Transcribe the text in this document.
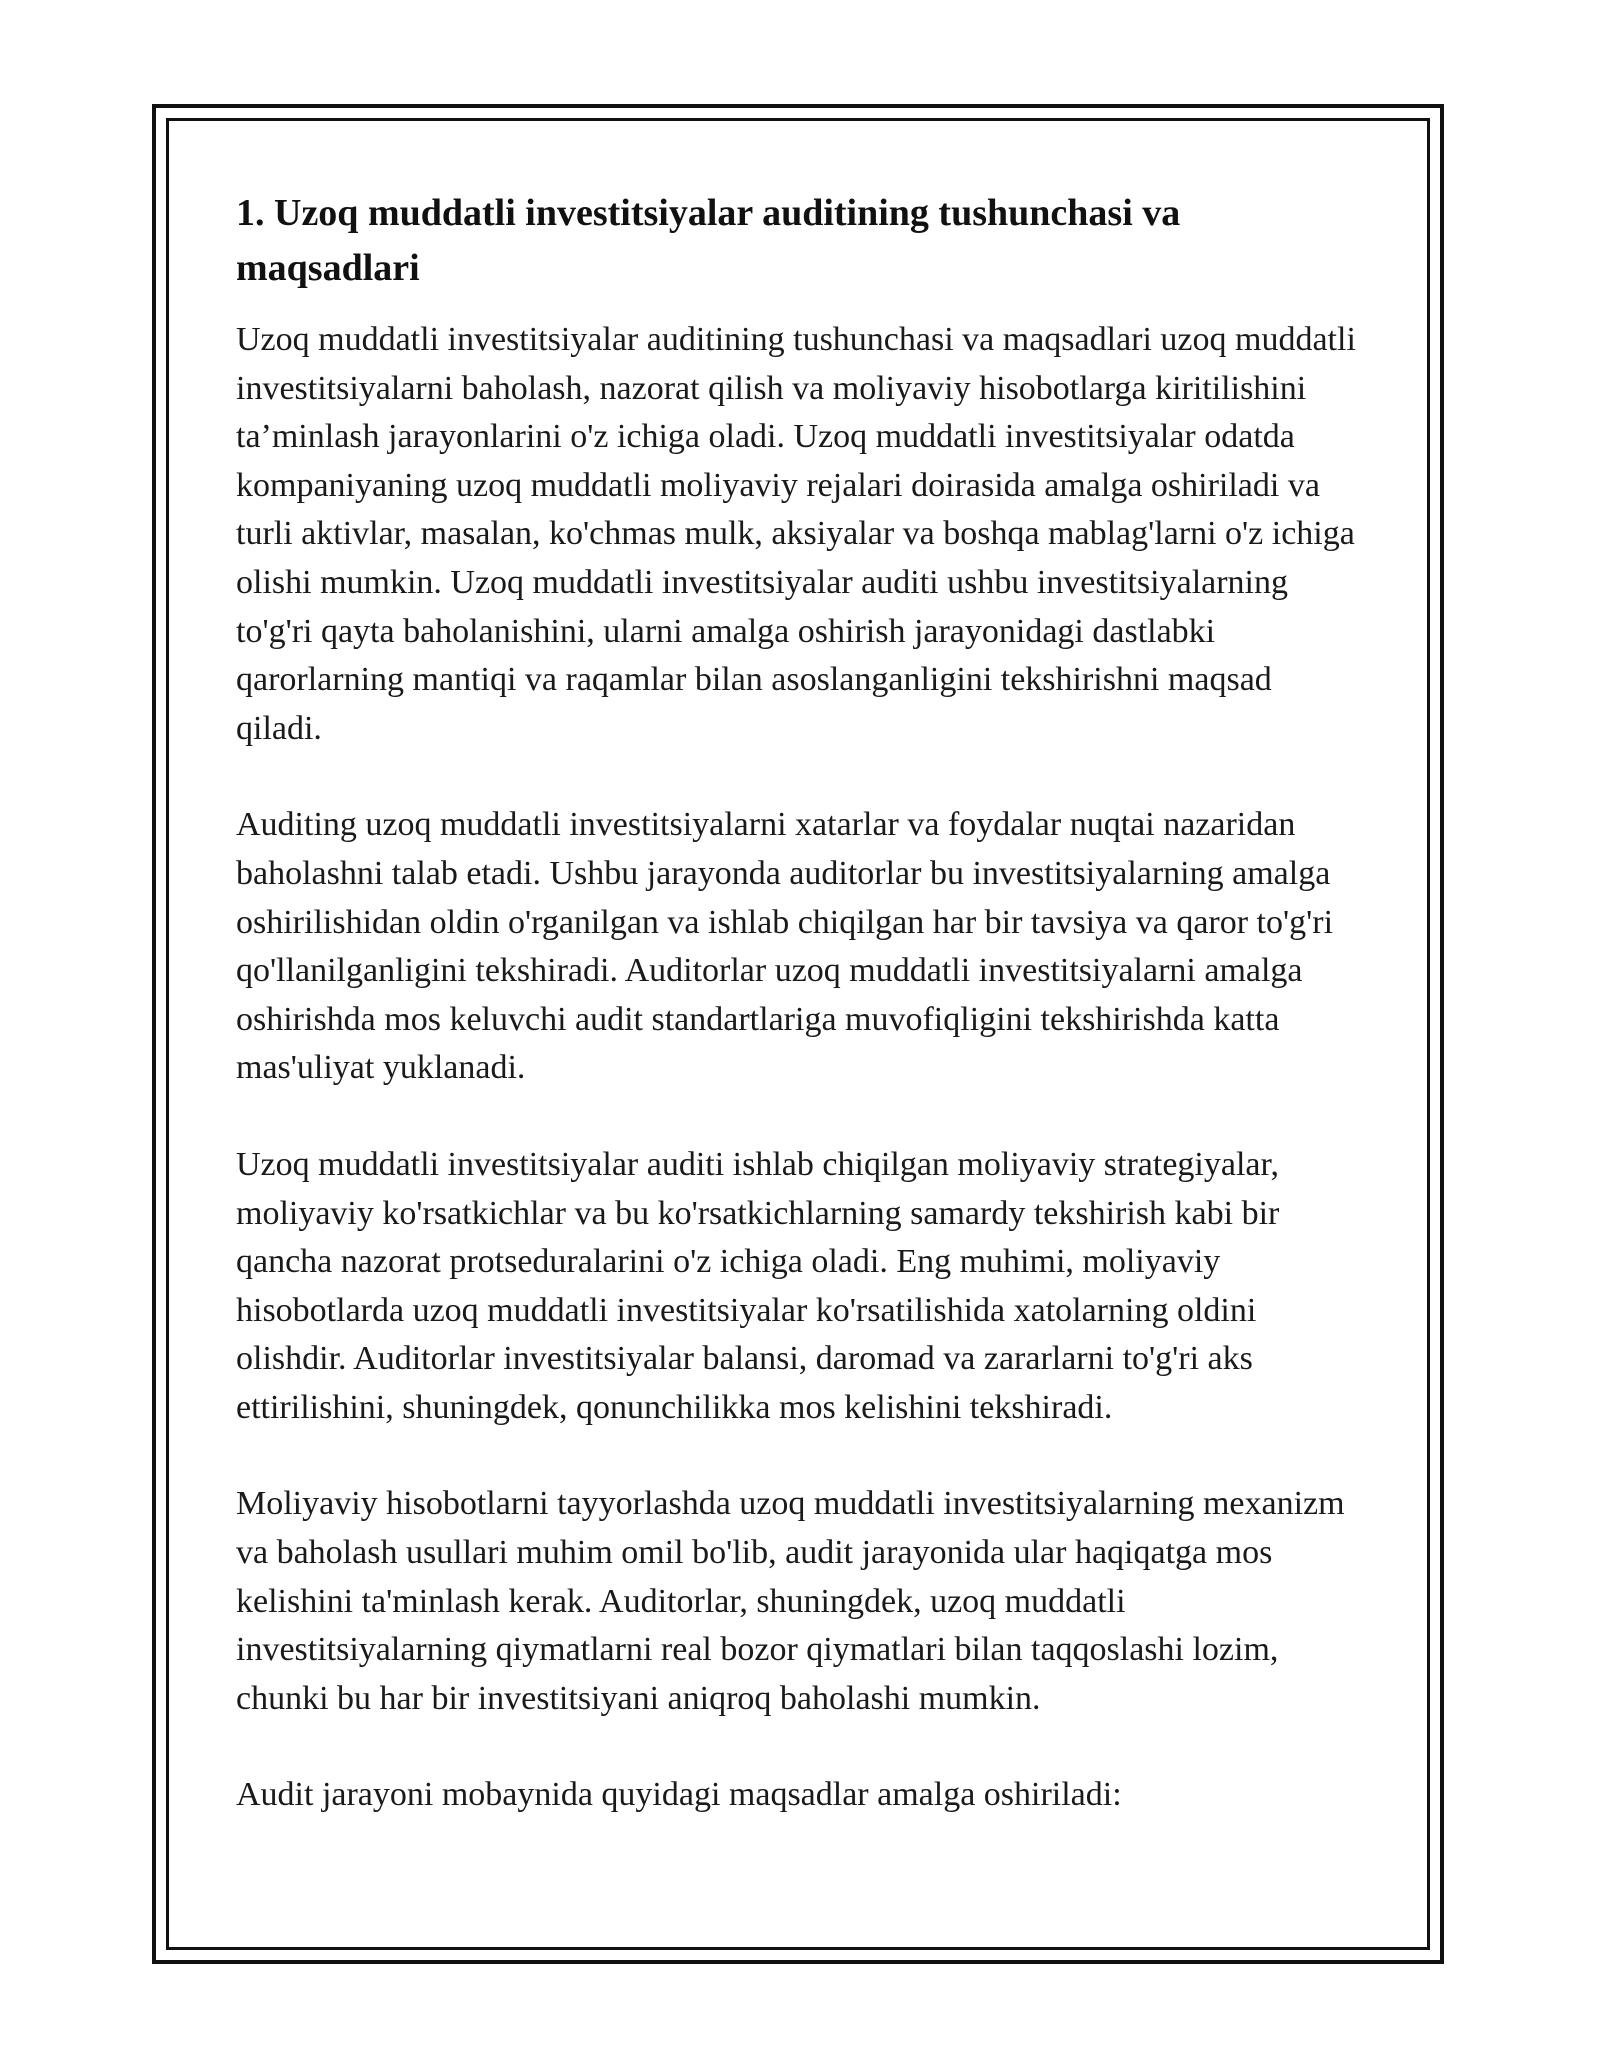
1. Uzoq muddatli investitsiyalar auditining tushunchasi va maqsadlari

Uzoq muddatli investitsiyalar auditining tushunchasi va maqsadlari uzoq muddatli investitsiyalarni baholash, nazorat qilish va moliyaviy hisobotlarga kiritilishini ta’minlash jarayonlarini o'z ichiga oladi. Uzoq muddatli investitsiyalar odatda kompaniyaning uzoq muddatli moliyaviy rejalari doirasida amalga oshiriladi va turli aktivlar, masalan, ko'chmas mulk, aksiyalar va boshqa mablag'larni o'z ichiga olishi mumkin. Uzoq muddatli investitsiyalar auditi ushbu investitsiyalarning to'g'ri qayta baholanishini, ularni amalga oshirish jarayonidagi dastlabki qarorlarning mantiqi va raqamlar bilan asoslanganligini tekshirishni maqsad qiladi.

Auditing uzoq muddatli investitsiyalarni xatarlar va foydalar nuqtai nazaridan baholashni talab etadi. Ushbu jarayonda auditorlar bu investitsiyalarning amalga oshirilishidan oldin o'rganilgan va ishlab chiqilgan har bir tavsiya va qaror to'g'ri qo'llanilganligini tekshiradi. Auditorlar uzoq muddatli investitsiyalarni amalga oshirishda mos keluvchi audit standartlariga muvofiqligini tekshirishda katta mas'uliyat yuklanadi.

Uzoq muddatli investitsiyalar auditi ishlab chiqilgan moliyaviy strategiyalar, moliyaviy ko'rsatkichlar va bu ko'rsatkichlarning samardy tekshirish kabi bir qancha nazorat protseduralarini o'z ichiga oladi. Eng muhimi, moliyaviy hisobotlarda uzoq muddatli investitsiyalar ko'rsatilishida xatolarning oldini olishdir. Auditorlar investitsiyalar balansi, daromad va zararlarni to'g'ri aks ettirilishini, shuningdek, qonunchilikka mos kelishini tekshiradi.

Moliyaviy hisobotlarni tayyorlashda uzoq muddatli investitsiyalarning mexanizm va baholash usullari muhim omil bo'lib, audit jarayonida ular haqiqatga mos kelishini ta'minlash kerak. Auditorlar, shuningdek, uzoq muddatli investitsiyalarning qiymatlarni real bozor qiymatlari bilan taqqoslashi lozim, chunki bu har bir investitsiyani aniqroq baholashi mumkin.

Audit jarayoni mobaynida quyidagi maqsadlar amalga oshiriladi:
